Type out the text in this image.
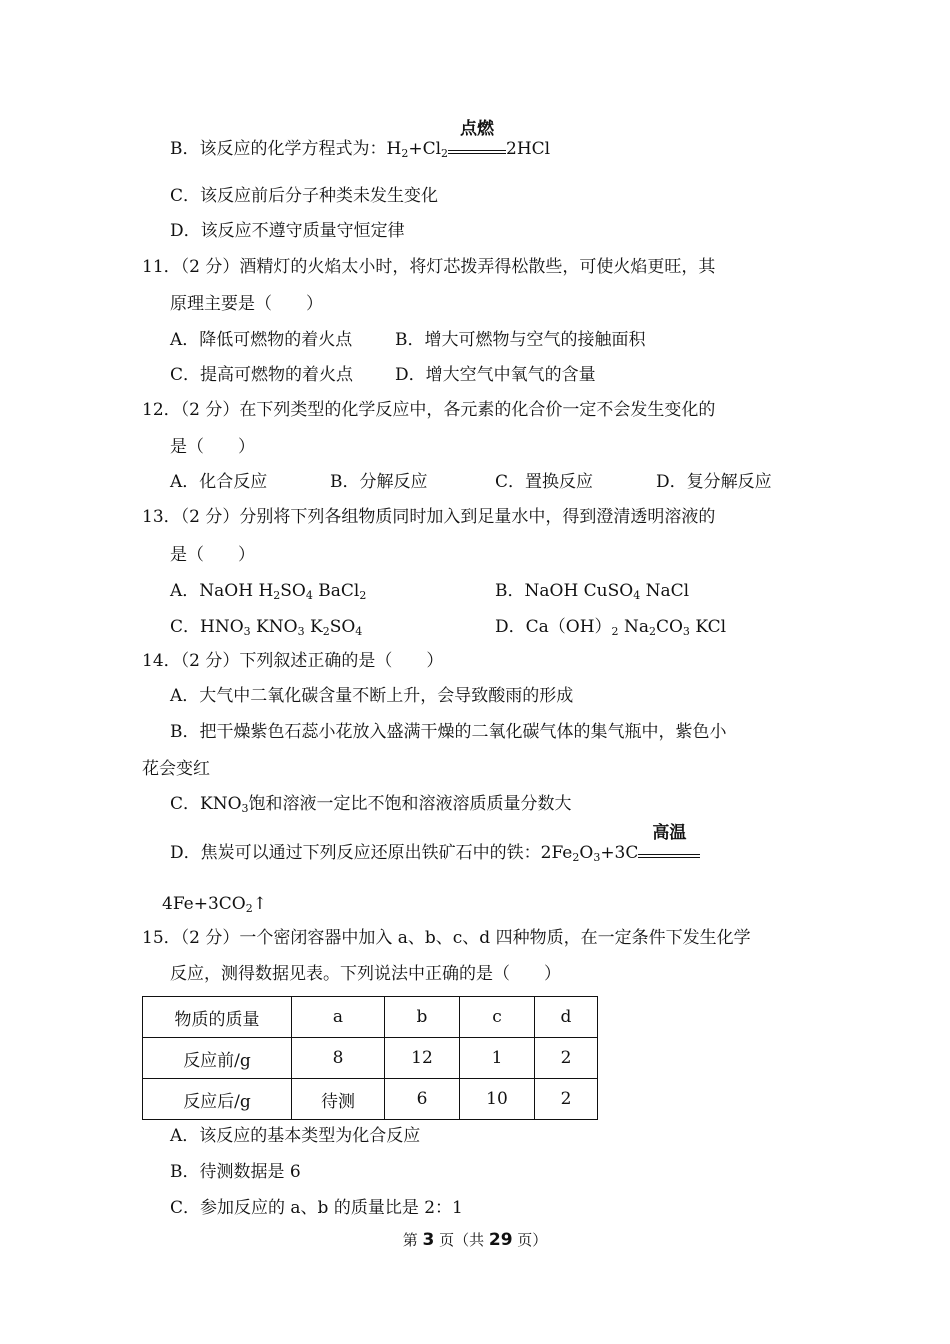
B．该反应的化学方程式为：$H_2+Cl_2$
点燃
2HCl
C．该反应前后分子种类未发生变化
D．该反应不遵守质量守恒定律
11．（2 分）酒精灯的火焰太小时，将灯芯拨弄得松散些，可使火焰更旺，其
原理主要是（　　）
A．降低可燃物的着火点	B．增大可燃物与空气的接触面积
C．提高可燃物的着火点 D．增大空气中氧气的含量
12．（2 分）在下列类型的化学反应中，各元素的化合价一定不会发生变化的
是（　　）
A．化合反应	B．分解反应	C．置换反应	D．复分解反应
13．（2 分）分别将下列各组物质同时加入到足量水中，得到澄清透明溶液的
是（　　）
A．NaOH $H_2SO_4$ BaCl$_2$	B．NaOH CuSO$_4$ NaCl
C．$HNO_3$ $KNO_3$ $K_2SO_4$	D．$Ca(OH)_2$ $Na_2CO_3$ KCl
14．（2 分）下列叙述正确的是（　　）
A．大气中二氧化碳含量不断上升，会导致酸雨的形成
B．把干燥紫色石蕊小花放入盛满干燥的二氧化碳气体的集气瓶中，紫色小
花会变红
C．$KNO_3$饱和溶液一定比不饱和溶液溶质质量分数大
D．焦炭可以通过下列反应还原出铁矿石中的铁：$2Fe_2O_3+3C$
高温
$4Fe+3CO_2↑$
15．（2 分）一个密闭容器中加入 a、b、c、d 四种物质，在一定条件下发生化学
反应，测得数据见表。下列说法中正确的是（　　）
物质的质量	a	b	c	d
反应前/g	8	12	1	2
反应后/g	待测	6	10	2
A．该反应的基本类型为化合反应
B．待测数据是 6
C．参加反应的 a、b 的质量比是 2：1
第 3 页（共 29 页）
